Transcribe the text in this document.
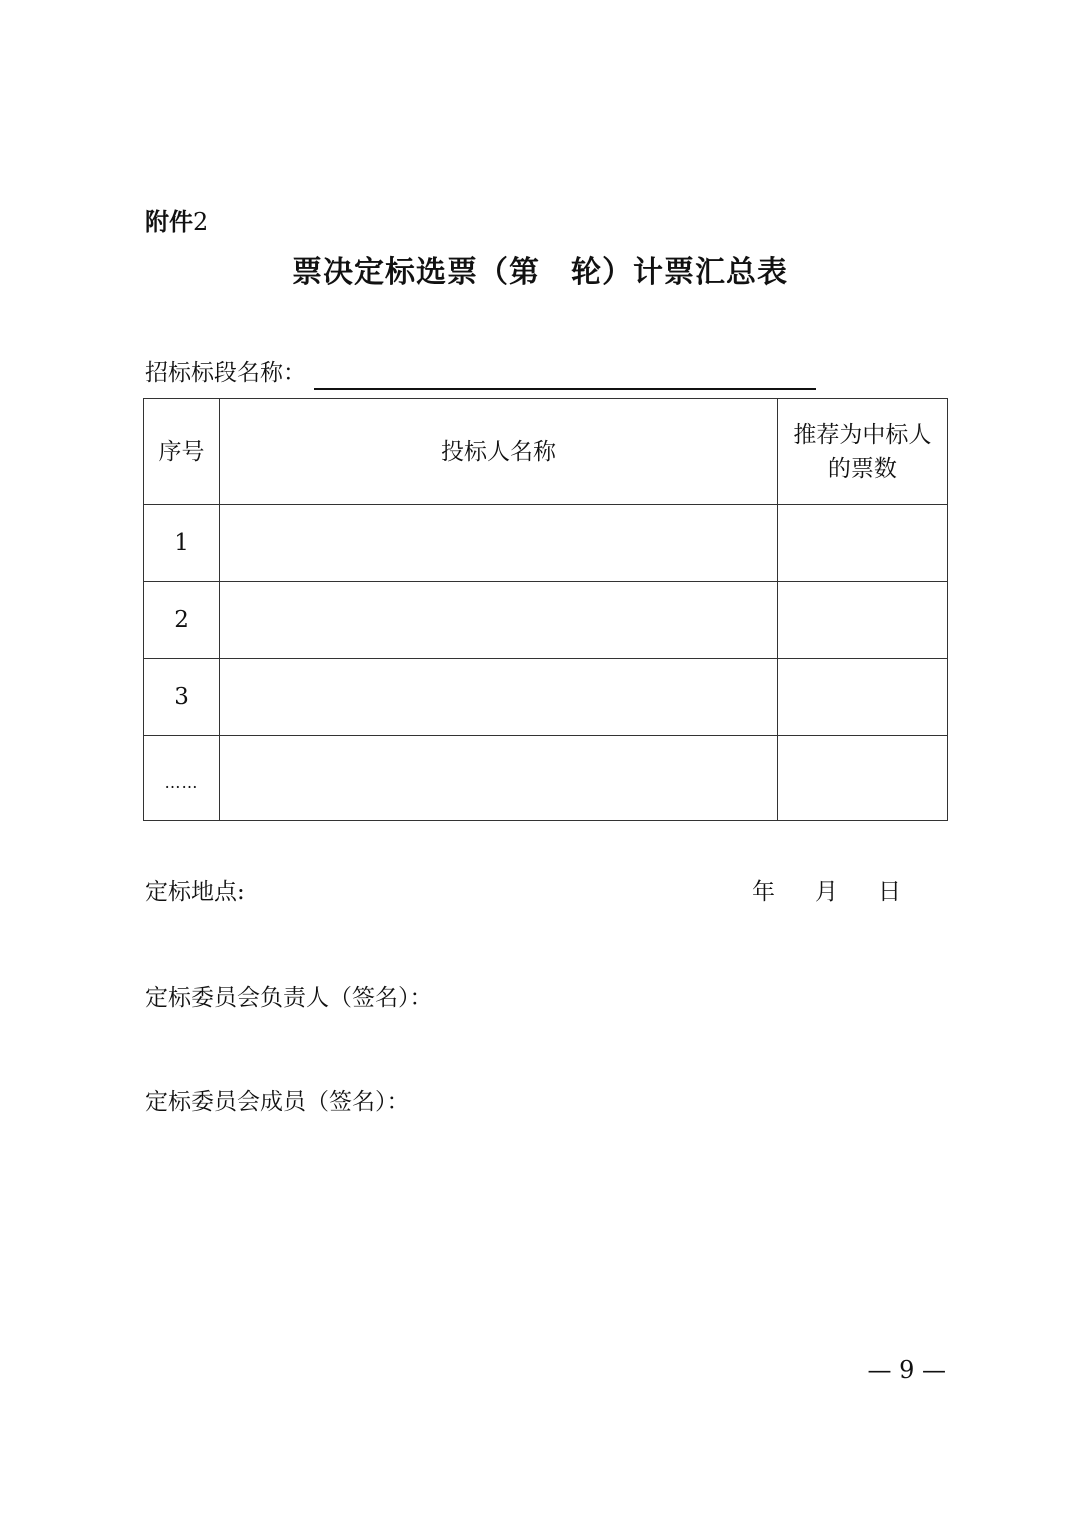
附件2
票决定标选票（第　轮）计票汇总表
招标标段名称：
序号	投标人名称	推荐为中标人
的票数

1		
2		
3		
……		
定标地点:	年 月 日
定标委员会负责人（签名）：
定标委员会成员（签名）：
— 9 —
